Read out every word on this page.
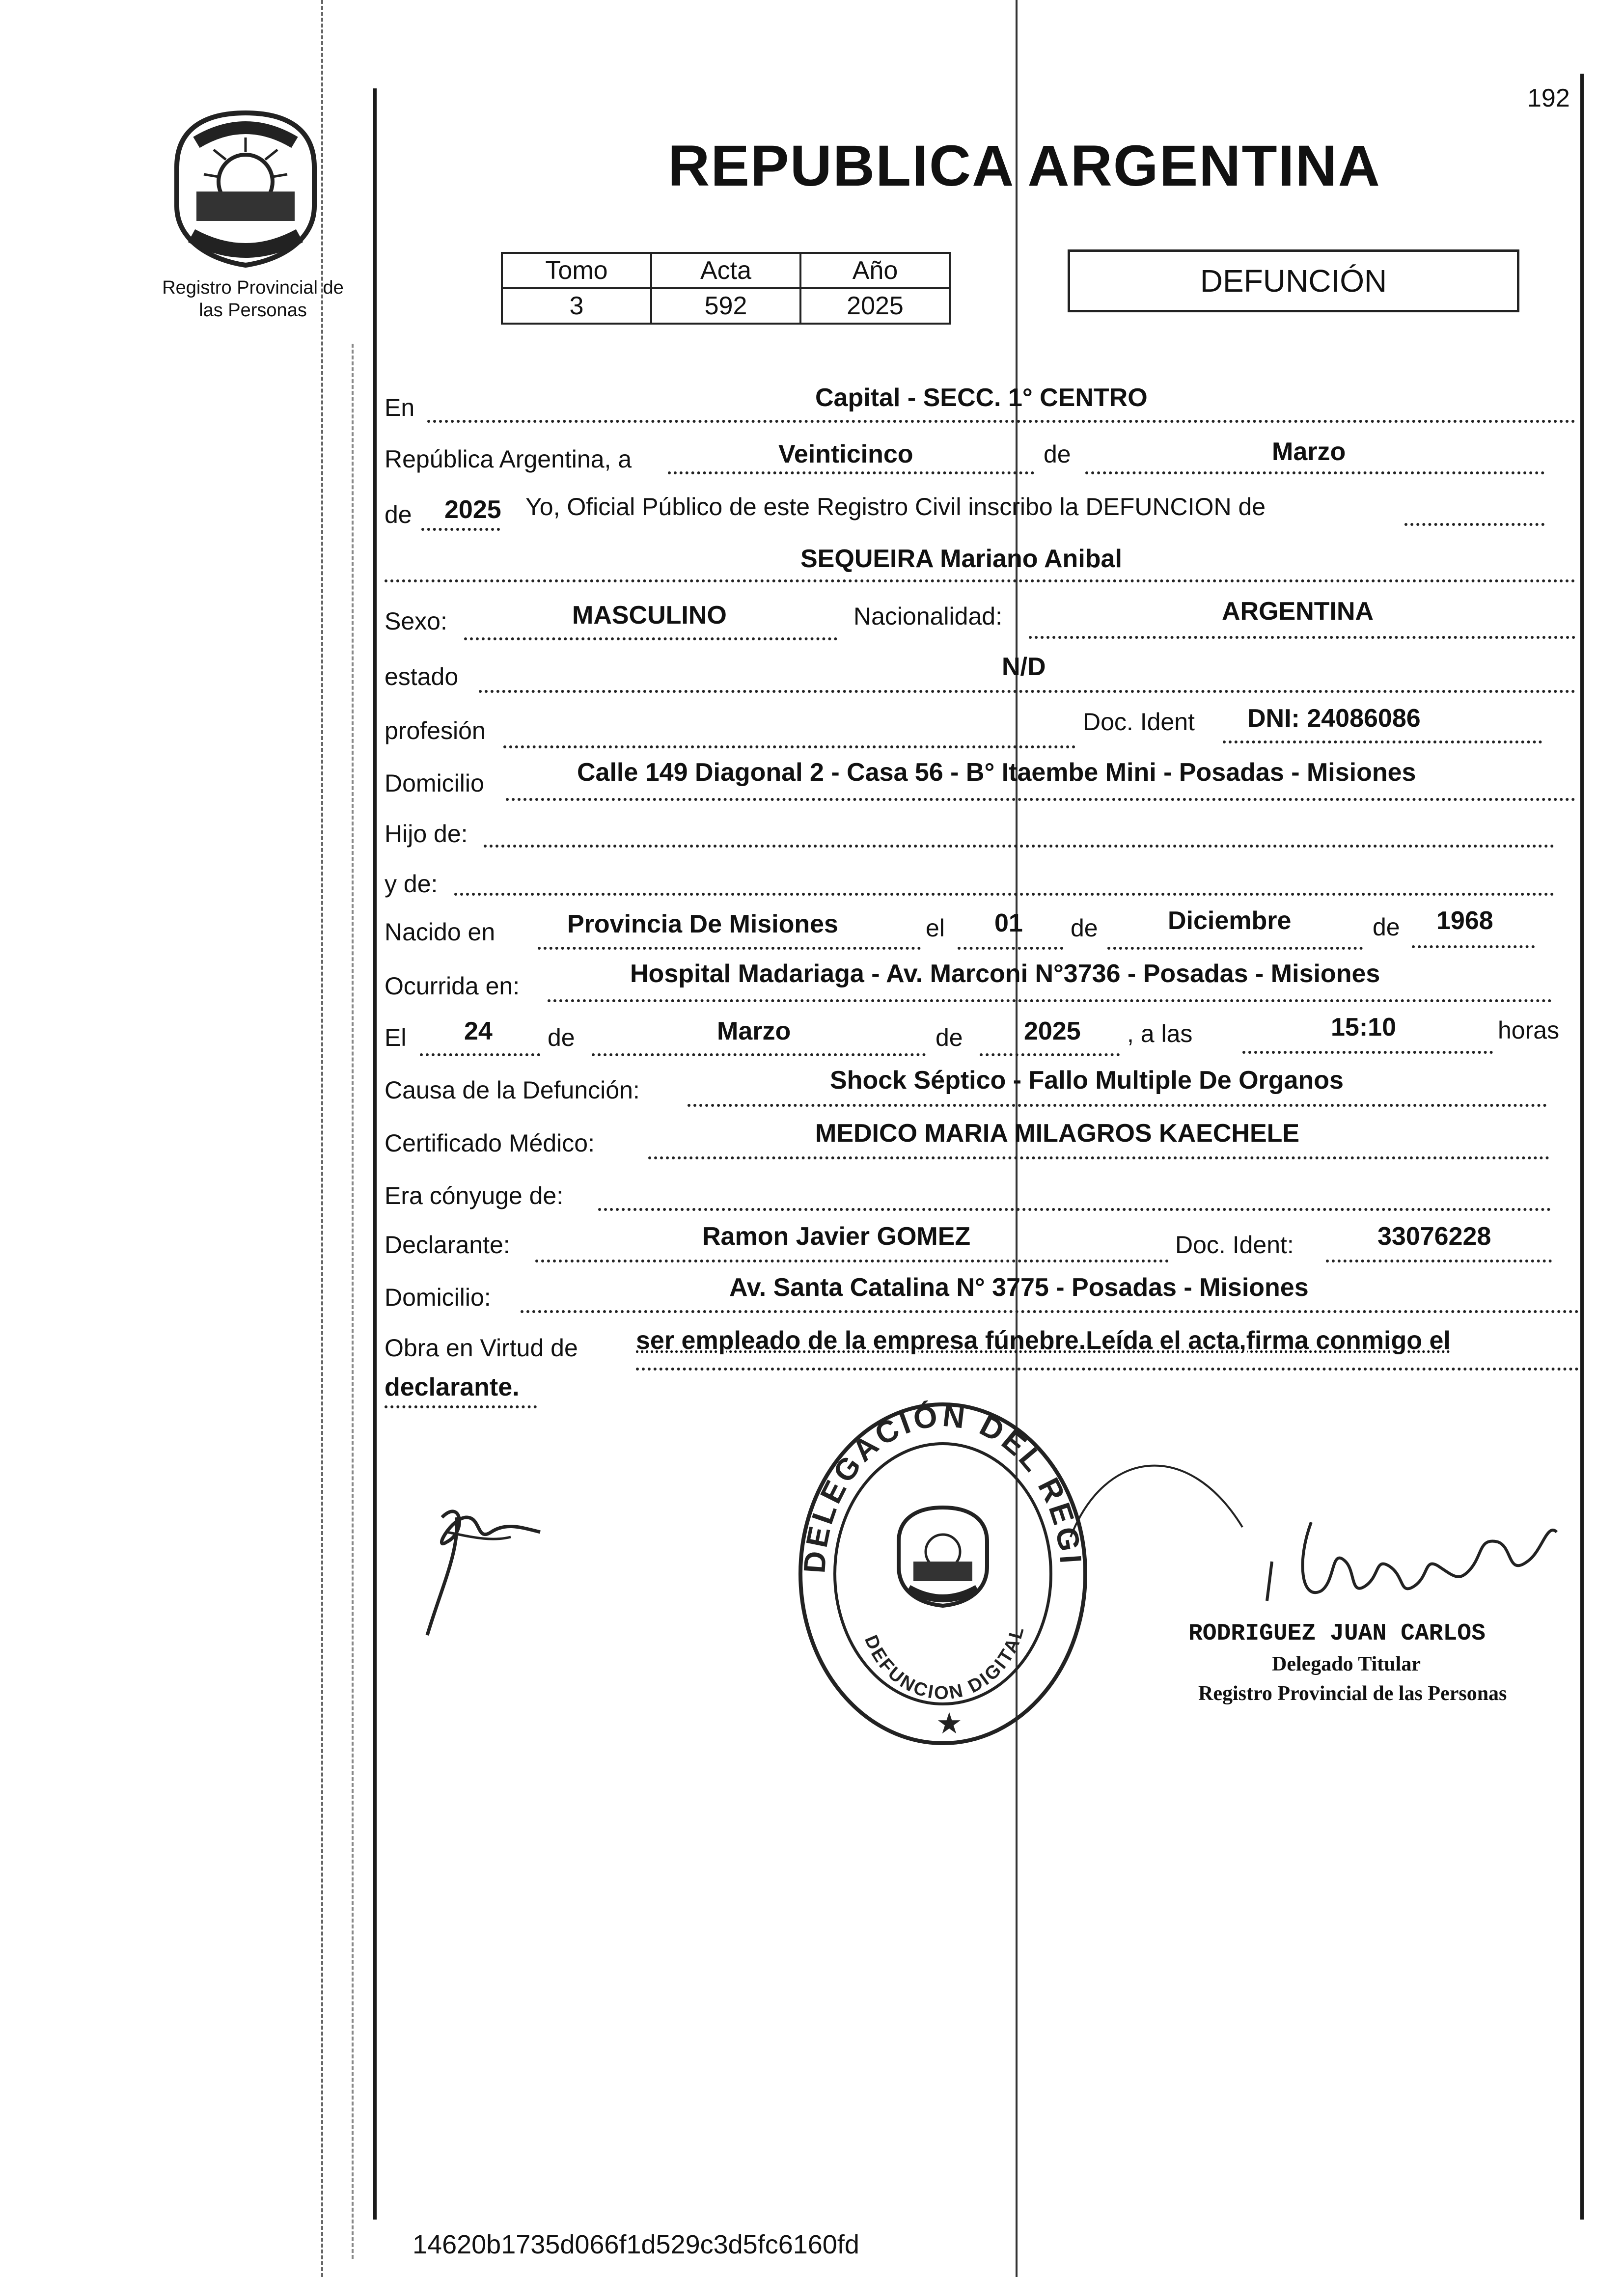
192
Registro Provincial de
las Personas
REPUBLICA ARGENTINA
Tomo	Acta	Año
3	592	2025
DEFUNCIÓN
En	Capital - SECC. 1° CENTRO
República Argentina, a	Veinticinco	de	Marzo
de 2025 Yo, Oficial Público de este Registro Civil inscribo la DEFUNCION de
SEQUEIRA Mariano Anibal
Sexo:	MASCULINO	Nacionalidad:	ARGENTINA
estado	N/D
profesión	Doc. Ident DNI: 24086086
Domicilio	Calle 149 Diagonal 2 - Casa 56 - B° Itaembe Mini - Posadas - Misiones
Hijo de:
y de:
Nacido en	Provincia De Misiones	el 01 de	Diciembre	de 1968
Ocurrida en:	Hospital Madariaga - Av. Marconi N°3736 - Posadas - Misiones
El 24 de	Marzo	de 2025 , a las	15:10	horas
Causa de la Defunción:	Shock Séptico - Fallo Multiple De Organos
Certificado Médico:	MEDICO MARIA MILAGROS KAECHELE
Era cónyuge de:
Declarante:	Ramon Javier GOMEZ	Doc. Ident:	33076228
Domicilio:	Av. Santa Catalina N° 3775 - Posadas - Misiones
Obra en Virtud de ser empleado de la empresa fúnebre.Leída el acta,firma conmigo el
declarante.
DELEGACIÓN DEL REGI
DEFUNCION DIGITAL
★
RODRIGUEZ JUAN CARLOS
Delegado Titular
Registro Provincial de las Personas
14620b1735d066f1d529c3d5fc6160fd
